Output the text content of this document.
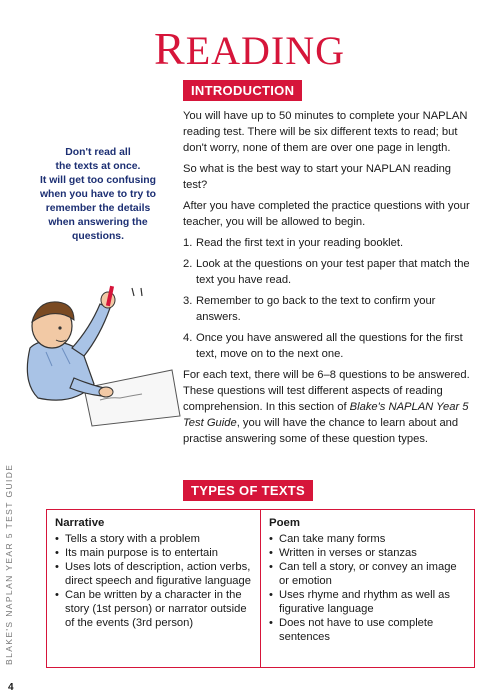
READING
INTRODUCTION
Don't read all
the texts at once.
It will get too confusing
when you have to try to
remember the details
when answering the
questions.

You will have up to 50 minutes to complete your NAPLAN reading test. There will be six different texts to read; but don't worry, none of them are over one page in length.

So what is the best way to start your NAPLAN reading test?

After you have completed the practice questions with your teacher, you will be allowed to begin.

1. Read the first text in your reading booklet.
2. Look at the questions on your test paper that match the text you have read.
3. Remember to go back to the text to confirm your answers.
4. Once you have answered all the questions for the first text, move on to the next one.

For each text, there will be 6–8 questions to be answered. These questions will test different aspects of reading comprehension. In this section of Blake's NAPLAN Year 5 Test Guide, you will have the chance to learn about and practise answering some of these question types.

TYPES OF TEXTS
Narrative
• Tells a story with a problem
• Its main purpose is to entertain
• Uses lots of description, action verbs, direct speech and figurative language
• Can be written by a character in the story (1st person) or narrator outside of the events (3rd person)
Poem
• Can take many forms
• Written in verses or stanzas
• Can tell a story, or convey an image or emotion
• Uses rhyme and rhythm as well as figurative language
• Does not have to use complete sentences
BLAKE'S NAPLAN YEAR 5 TEST GUIDE
4
